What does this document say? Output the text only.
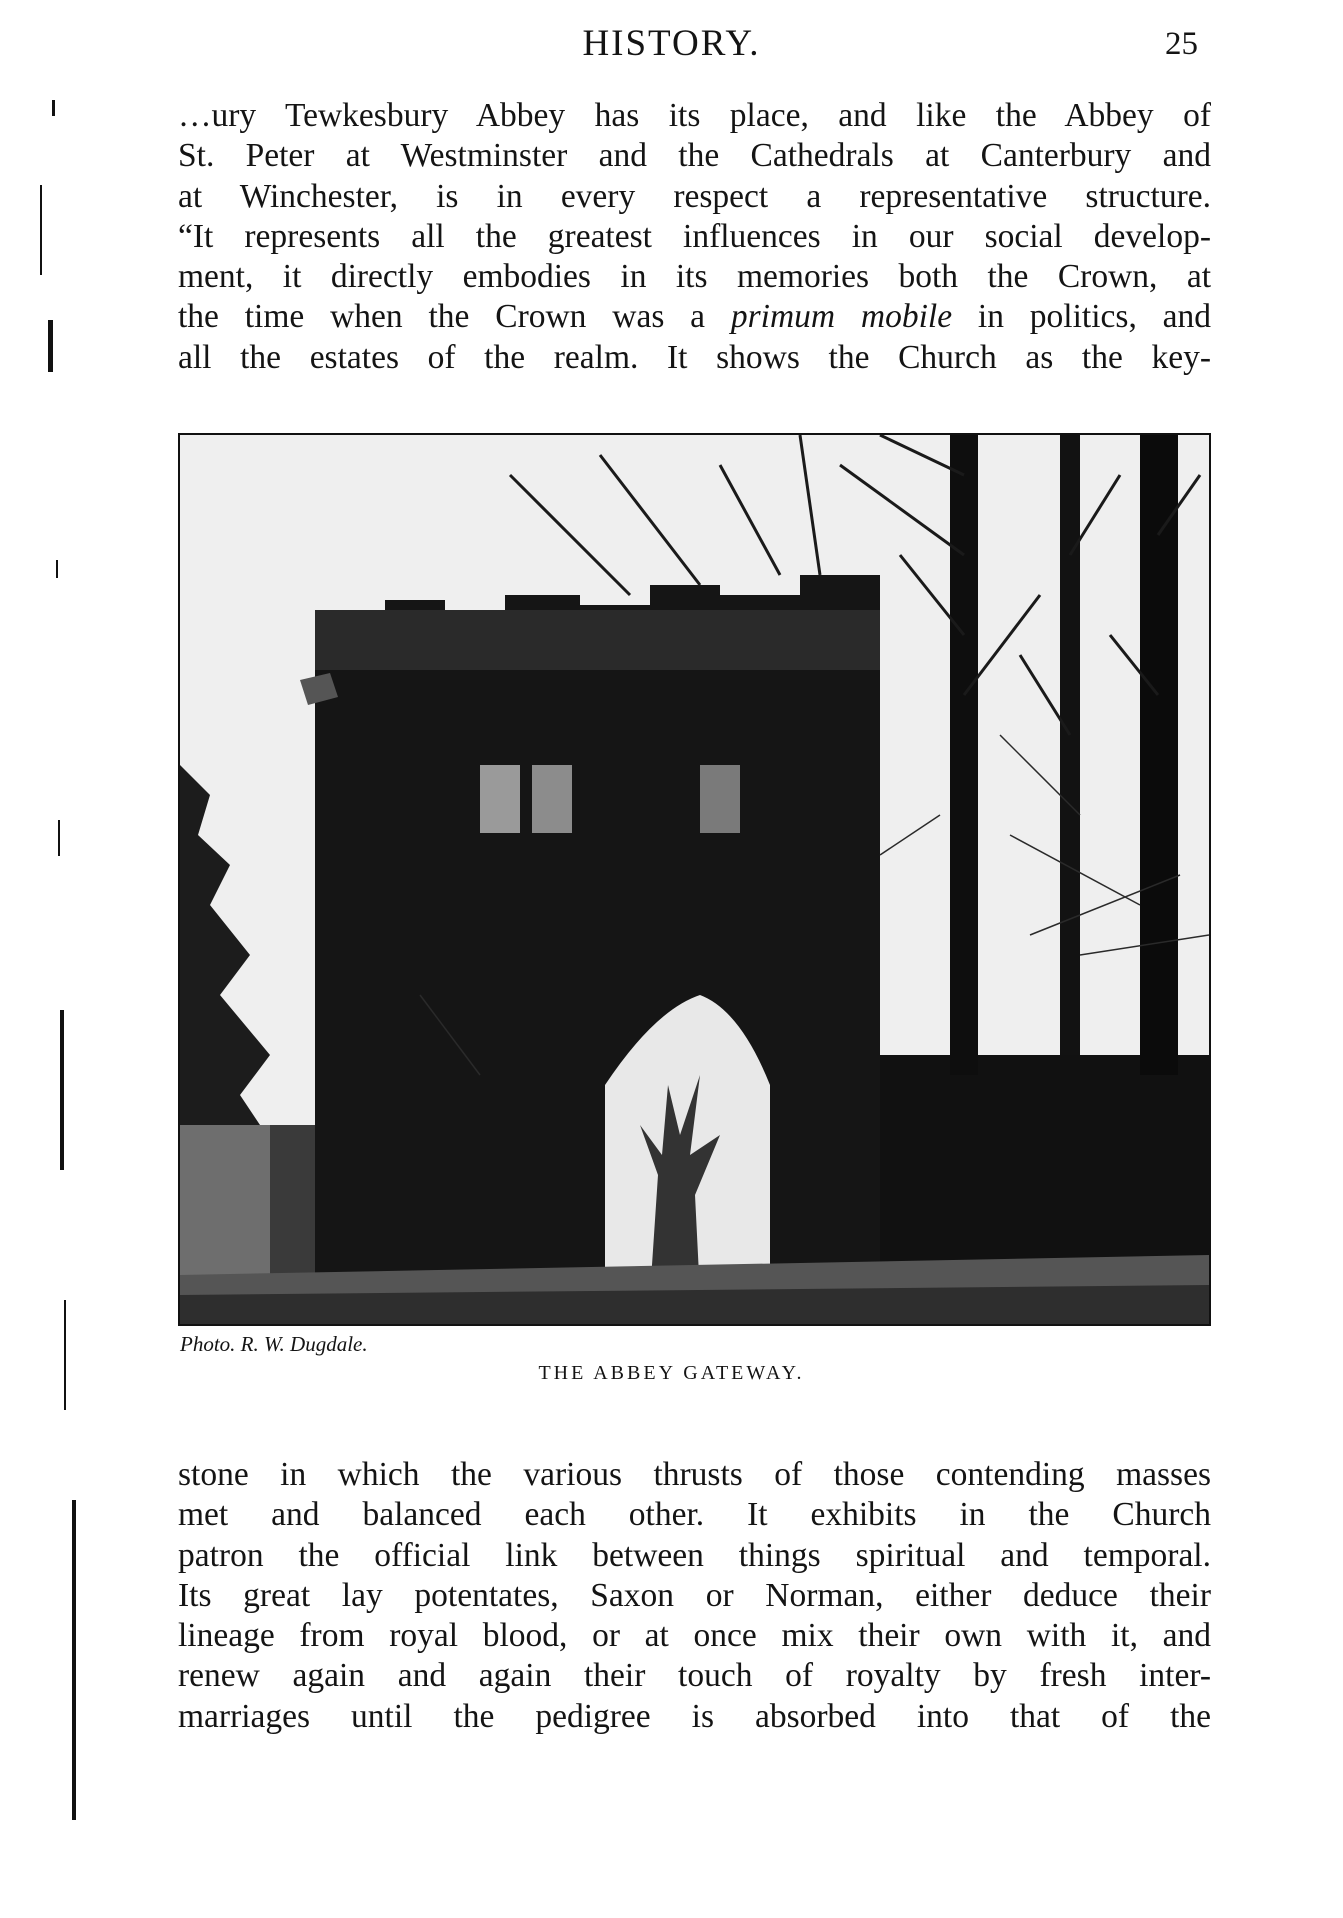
HISTORY.	25
…ury Tewkesbury Abbey has its place, and like the Abbey of
St. Peter at Westminster and the Cathedrals at Canterbury and
at Winchester, is in every respect a representative structure.
“It represents all the greatest influences in our social develop-
ment, it directly embodies in its memories both the Crown, at
the time when the Crown was a primum mobile in politics, and
all the estates of the realm. It shows the Church as the key-
Photo. R. W. Dugdale.
THE ABBEY GATEWAY.
stone in which the various thrusts of those contending masses
met and balanced each other. It exhibits in the Church
patron the official link between things spiritual and temporal.
Its great lay potentates, Saxon or Norman, either deduce their
lineage from royal blood, or at once mix their own with it, and
renew again and again their touch of royalty by fresh inter-
marriages until the pedigree is absorbed into that of the
